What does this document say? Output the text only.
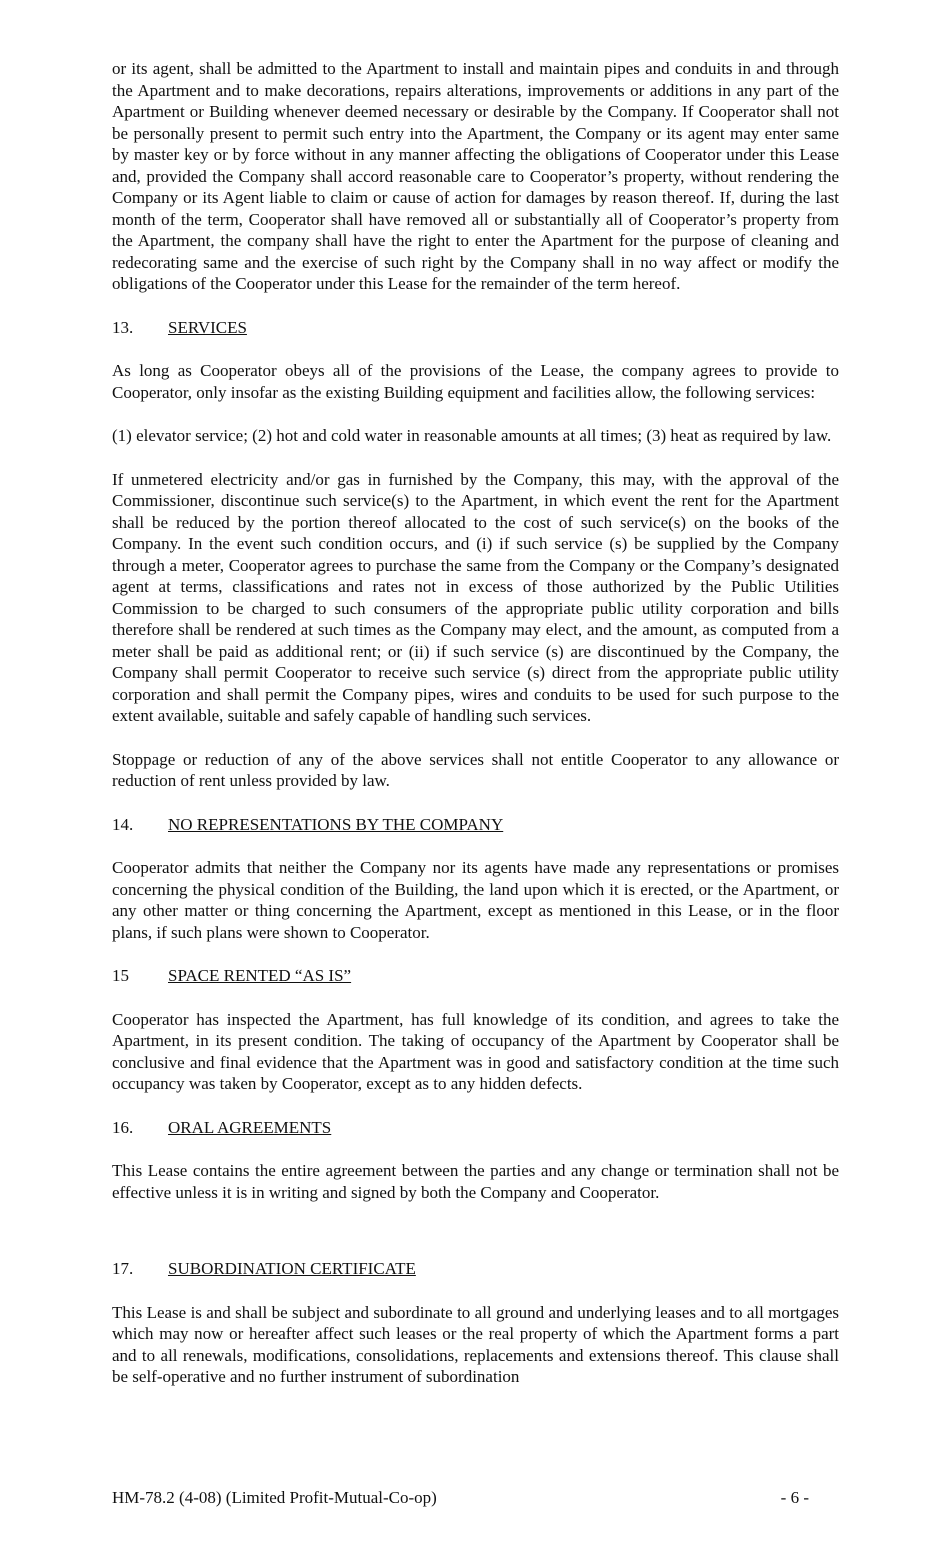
or its agent, shall be admitted to the Apartment to install and maintain pipes and conduits in and through the Apartment and to make decorations, repairs alterations, improvements or additions in any part of the Apartment or Building whenever deemed necessary or desirable by the Company. If Cooperator shall not be personally present to permit such entry into the Apartment, the Company or its agent may enter same by master key or by force without in any manner affecting the obligations of Cooperator under this Lease and, provided the Company shall accord reasonable care to Cooperator’s property, without rendering the Company or its Agent liable to claim or cause of action for damages by reason thereof. If, during the last month of the term, Cooperator shall have removed all or substantially all of Cooperator’s property from the Apartment, the company shall have the right to enter the Apartment for the purpose of cleaning and redecorating same and the exercise of such right by the Company shall in no way affect or modify the obligations of the Cooperator under this Lease for the remainder of the term hereof.

13.	SERVICES

As long as Cooperator obeys all of the provisions of the Lease, the company agrees to provide to Cooperator, only insofar as the existing Building equipment and facilities allow, the following services:

(1) elevator service; (2) hot and cold water in reasonable amounts at all times; (3) heat as required by law.

If unmetered electricity and/or gas in furnished by the Company, this may, with the approval of the Commissioner, discontinue such service(s) to the Apartment, in which event the rent for the Apartment shall be reduced by the portion thereof allocated to the cost of such service(s) on the books of the Company. In the event such condition occurs, and (i) if such service (s) be supplied by the Company through a meter, Cooperator agrees to purchase the same from the Company or the Company’s designated agent at terms, classifications and rates not in excess of those authorized by the Public Utilities Commission to be charged to such consumers of the appropriate public utility corporation and bills therefore shall be rendered at such times as the Company may elect, and the amount, as computed from a meter shall be paid as additional rent; or (ii) if such service (s) are discontinued by the Company, the Company shall permit Cooperator to receive such service (s) direct from the appropriate public utility corporation and shall permit the Company pipes, wires and conduits to be used for such purpose to the extent available, suitable and safely capable of handling such services.

Stoppage or reduction of any of the above services shall not entitle Cooperator to any allowance or reduction of rent unless provided by law.

14.	NO REPRESENTATIONS BY THE COMPANY

Cooperator admits that neither the Company nor its agents have made any representations or promises concerning the physical condition of the Building, the land upon which it is erected, or the Apartment, or any other matter or thing concerning the Apartment, except as mentioned in this Lease, or in the floor plans, if such plans were shown to Cooperator.

15	SPACE RENTED “AS IS”

Cooperator has inspected the Apartment, has full knowledge of its condition, and agrees to take the Apartment, in its present condition. The taking of occupancy of the Apartment by Cooperator shall be conclusive and final evidence that the Apartment was in good and satisfactory condition at the time such occupancy was taken by Cooperator, except as to any hidden defects.

16.	ORAL AGREEMENTS

This Lease contains the entire agreement between the parties and any change or termination shall not be effective unless it is in writing and signed by both the Company and Cooperator.

17.	SUBORDINATION CERTIFICATE

This Lease is and shall be subject and subordinate to all ground and underlying leases and to all mortgages which may now or hereafter affect such leases or the real property of which the Apartment forms a part and to all renewals, modifications, consolidations, replacements and extensions thereof. This clause shall be self-operative and no further instrument of subordination

HM-78.2 (4-08) (Limited Profit-Mutual-Co-op)	- 6 -
